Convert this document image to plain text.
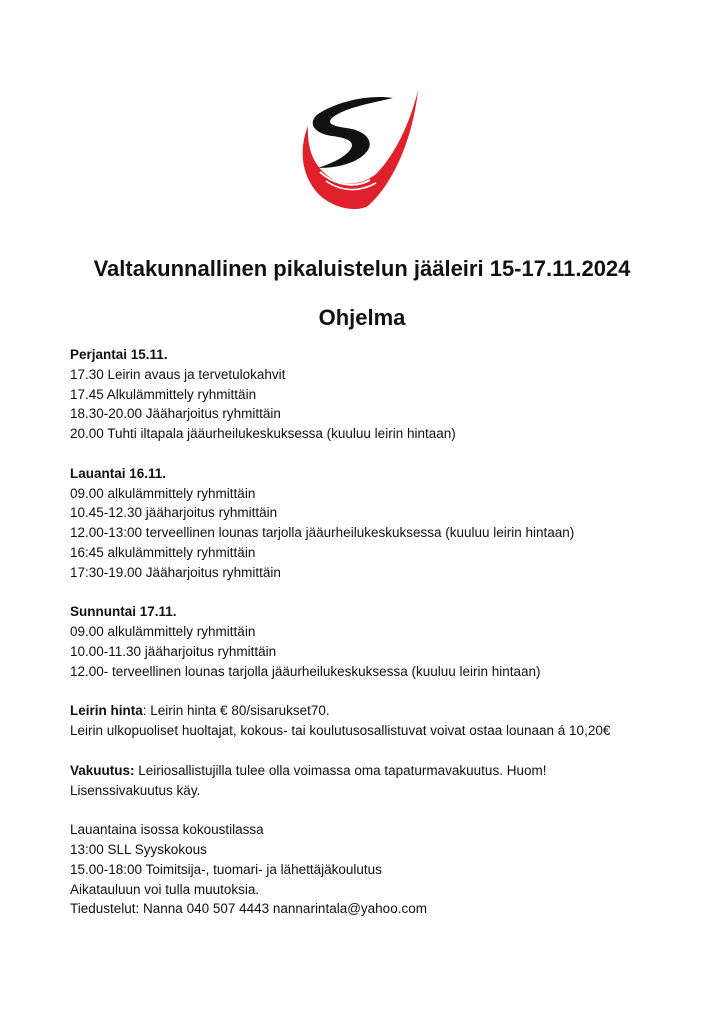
Valtakunnallinen pikaluistelun jääleiri 15-17.11.2024
Ohjelma
Perjantai 15.11.
17.30 Leirin avaus ja tervetulokahvit
17.45 Alkulämmittely ryhmittäin
18.30-20.00 Jääharjoitus ryhmittäin
20.00 Tuhti iltapala jääurheilukeskuksessa (kuuluu leirin hintaan)
Lauantai 16.11.
09.00 alkulämmittely ryhmittäin
10.45-12.30 jääharjoitus ryhmittäin
12.00-13:00 terveellinen lounas tarjolla jääurheilukeskuksessa (kuuluu leirin hintaan)
16:45 alkulämmittely ryhmittäin
17:30-19.00 Jääharjoitus ryhmittäin
Sunnuntai 17.11.
09.00 alkulämmittely ryhmittäin
10.00-11.30 jääharjoitus ryhmittäin
12.00- terveellinen lounas tarjolla jääurheilukeskuksessa (kuuluu leirin hintaan)
Leirin hinta: Leirin hinta € 80/sisarukset70.
Leirin ulkopuoliset huoltajat, kokous- tai koulutusosallistuvat voivat ostaa lounaan á 10,20€
Vakuutus: Leiriosallistujilla tulee olla voimassa oma tapaturmavakuutus. Huom!
Lisenssivakuutus käy.
Lauantaina isossa kokoustilassa
13:00 SLL Syyskokous
15.00-18:00 Toimitsija-, tuomari- ja lähettäjäkoulutus
Aikatauluun voi tulla muutoksia.
Tiedustelut: Nanna 040 507 4443 nannarintala@yahoo.com
